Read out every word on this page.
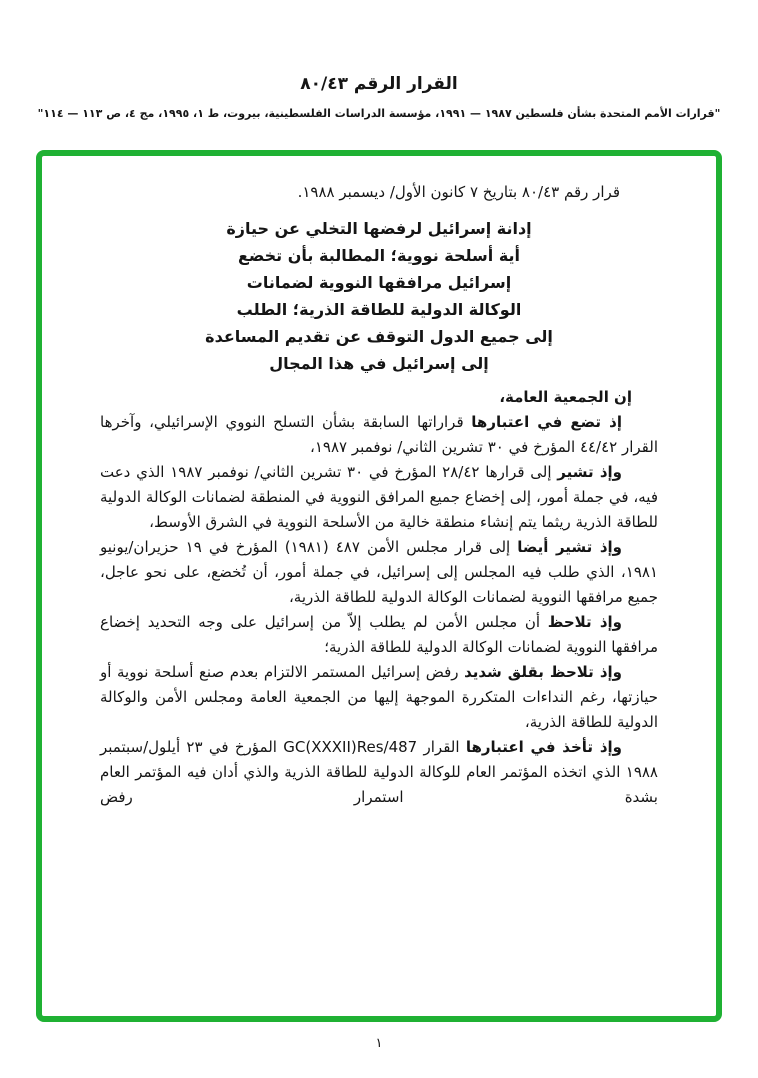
القرار الرقم ٨٠/٤٣
"قرارات الأمم المتحدة بشأن فلسطين ١٩٨٧ — ١٩٩١، مؤسسة الدراسات الفلسطينية، بيروت، ط ١، ١٩٩٥، مج ٤، ص ١١٣ — ١١٤"

قرار رقم ٨٠/٤٣ بتاريخ ٧ كانون الأول/ ديسمبر ١٩٨٨.

إدانة إسرائيل لرفضها التخلي عن حيازة
أية أسلحة نووية؛ المطالبة بأن تخضع
إسرائيل مرافقها النووية لضمانات
الوكالة الدولية للطاقة الذرية؛ الطلب
إلى جميع الدول التوقف عن تقديم المساعدة
إلى إسرائيل في هذا المجال

إن الجمعية العامة،

إذ تضع في اعتبارها قراراتها السابقة بشأن التسلح النووي الإسرائيلي، وآخرها القرار ٤٤/٤٢ المؤرخ في ٣٠ تشرين الثاني/ نوفمبر ١٩٨٧،

وإذ تشير إلى قرارها ٢٨/٤٢ المؤرخ في ٣٠ تشرين الثاني/ نوفمبر ١٩٨٧ الذي دعت فيه، في جملة أمور، إلى إخضاع جميع المرافق النووية في المنطقة لضمانات الوكالة الدولية للطاقة الذرية ريثما يتم إنشاء منطقة خالية من الأسلحة النووية في الشرق الأوسط،

وإذ تشير أيضا إلى قرار مجلس الأمن ٤٨٧ (١٩٨١) المؤرخ في ١٩ حزيران/يونيو ١٩٨١، الذي طلب فيه المجلس إلى إسرائيل، في جملة أمور، أن تُخضع، على نحو عاجل، جميع مرافقها النووية لضمانات الوكالة الدولية للطاقة الذرية،

وإذ تلاحظ أن مجلس الأمن لم يطلب إلاّ من إسرائيل على وجه التحديد إخضاع مرافقها النووية لضمانات الوكالة الدولية للطاقة الذرية؛

وإذ تلاحظ بقلق شديد رفض إسرائيل المستمر الالتزام بعدم صنع أسلحة نووية أو حيازتها، رغم النداءات المتكررة الموجهة إليها من الجمعية العامة ومجلس الأمن والوكالة الدولية للطاقة الذرية،

وإذ تأخذ في اعتبارها القرار GC(XXXII)Res/487 المؤرخ في ٢٣ أيلول/سبتمبر ١٩٨٨ الذي اتخذه المؤتمر العام للوكالة الدولية للطاقة الذرية والذي أدان فيه المؤتمر العام بشدة استمرار رفض

١
